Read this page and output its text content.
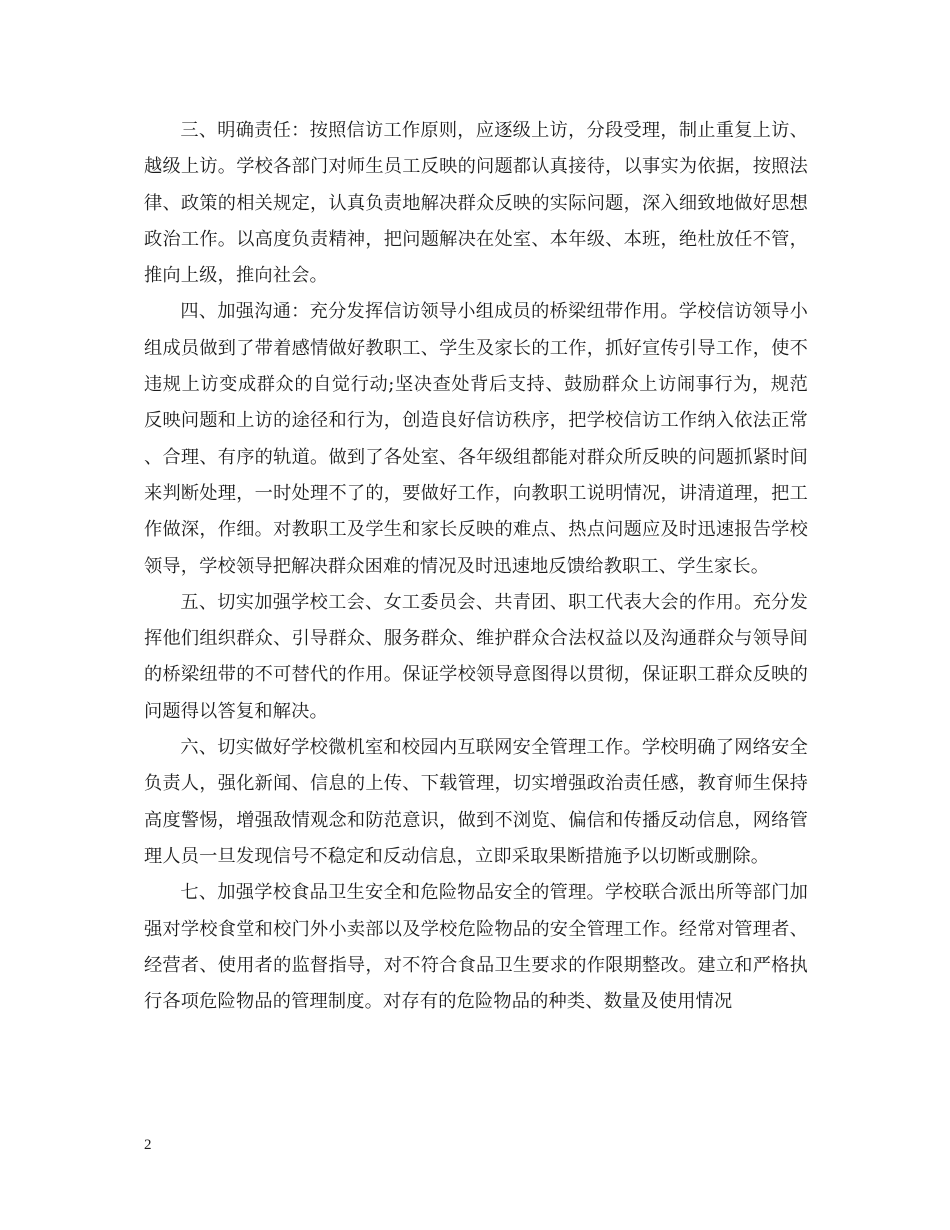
三、明确责任：按照信访工作原则，应逐级上访，分段受理，制止重复上访、越级上访。学校各部门对师生员工反映的问题都认真接待，以事实为依据，按照法律、政策的相关规定，认真负责地解决群众反映的实际问题，深入细致地做好思想政治工作。以高度负责精神，把问题解决在处室、本年级、本班，绝杜放任不管，推向上级，推向社会。

四、加强沟通：充分发挥信访领导小组成员的桥梁纽带作用。学校信访领导小组成员做到了带着感情做好教职工、学生及家长的工作，抓好宣传引导工作，使不违规上访变成群众的自觉行动;坚决查处背后支持、鼓励群众上访闹事行为，规范反映问题和上访的途径和行为，创造良好信访秩序，把学校信访工作纳入依法正常、合理、有序的轨道。做到了各处室、各年级组都能对群众所反映的问题抓紧时间来判断处理，一时处理不了的，要做好工作，向教职工说明情况，讲清道理，把工作做深，作细。对教职工及学生和家长反映的难点、热点问题应及时迅速报告学校领导，学校领导把解决群众困难的情况及时迅速地反馈给教职工、学生家长。

五、切实加强学校工会、女工委员会、共青团、职工代表大会的作用。充分发挥他们组织群众、引导群众、服务群众、维护群众合法权益以及沟通群众与领导间的桥梁纽带的不可替代的作用。保证学校领导意图得以贯彻，保证职工群众反映的问题得以答复和解决。

六、切实做好学校微机室和校园内互联网安全管理工作。学校明确了网络安全负责人，强化新闻、信息的上传、下载管理，切实增强政治责任感，教育师生保持高度警惕，增强敌情观念和防范意识，做到不浏览、偏信和传播反动信息，网络管理人员一旦发现信号不稳定和反动信息，立即采取果断措施予以切断或删除。

七、加强学校食品卫生安全和危险物品安全的管理。学校联合派出所等部门加强对学校食堂和校门外小卖部以及学校危险物品的安全管理工作。经常对管理者、经营者、使用者的监督指导，对不符合食品卫生要求的作限期整改。建立和严格执行各项危险物品的管理制度。对存有的危险物品的种类、数量及使用情况

2
